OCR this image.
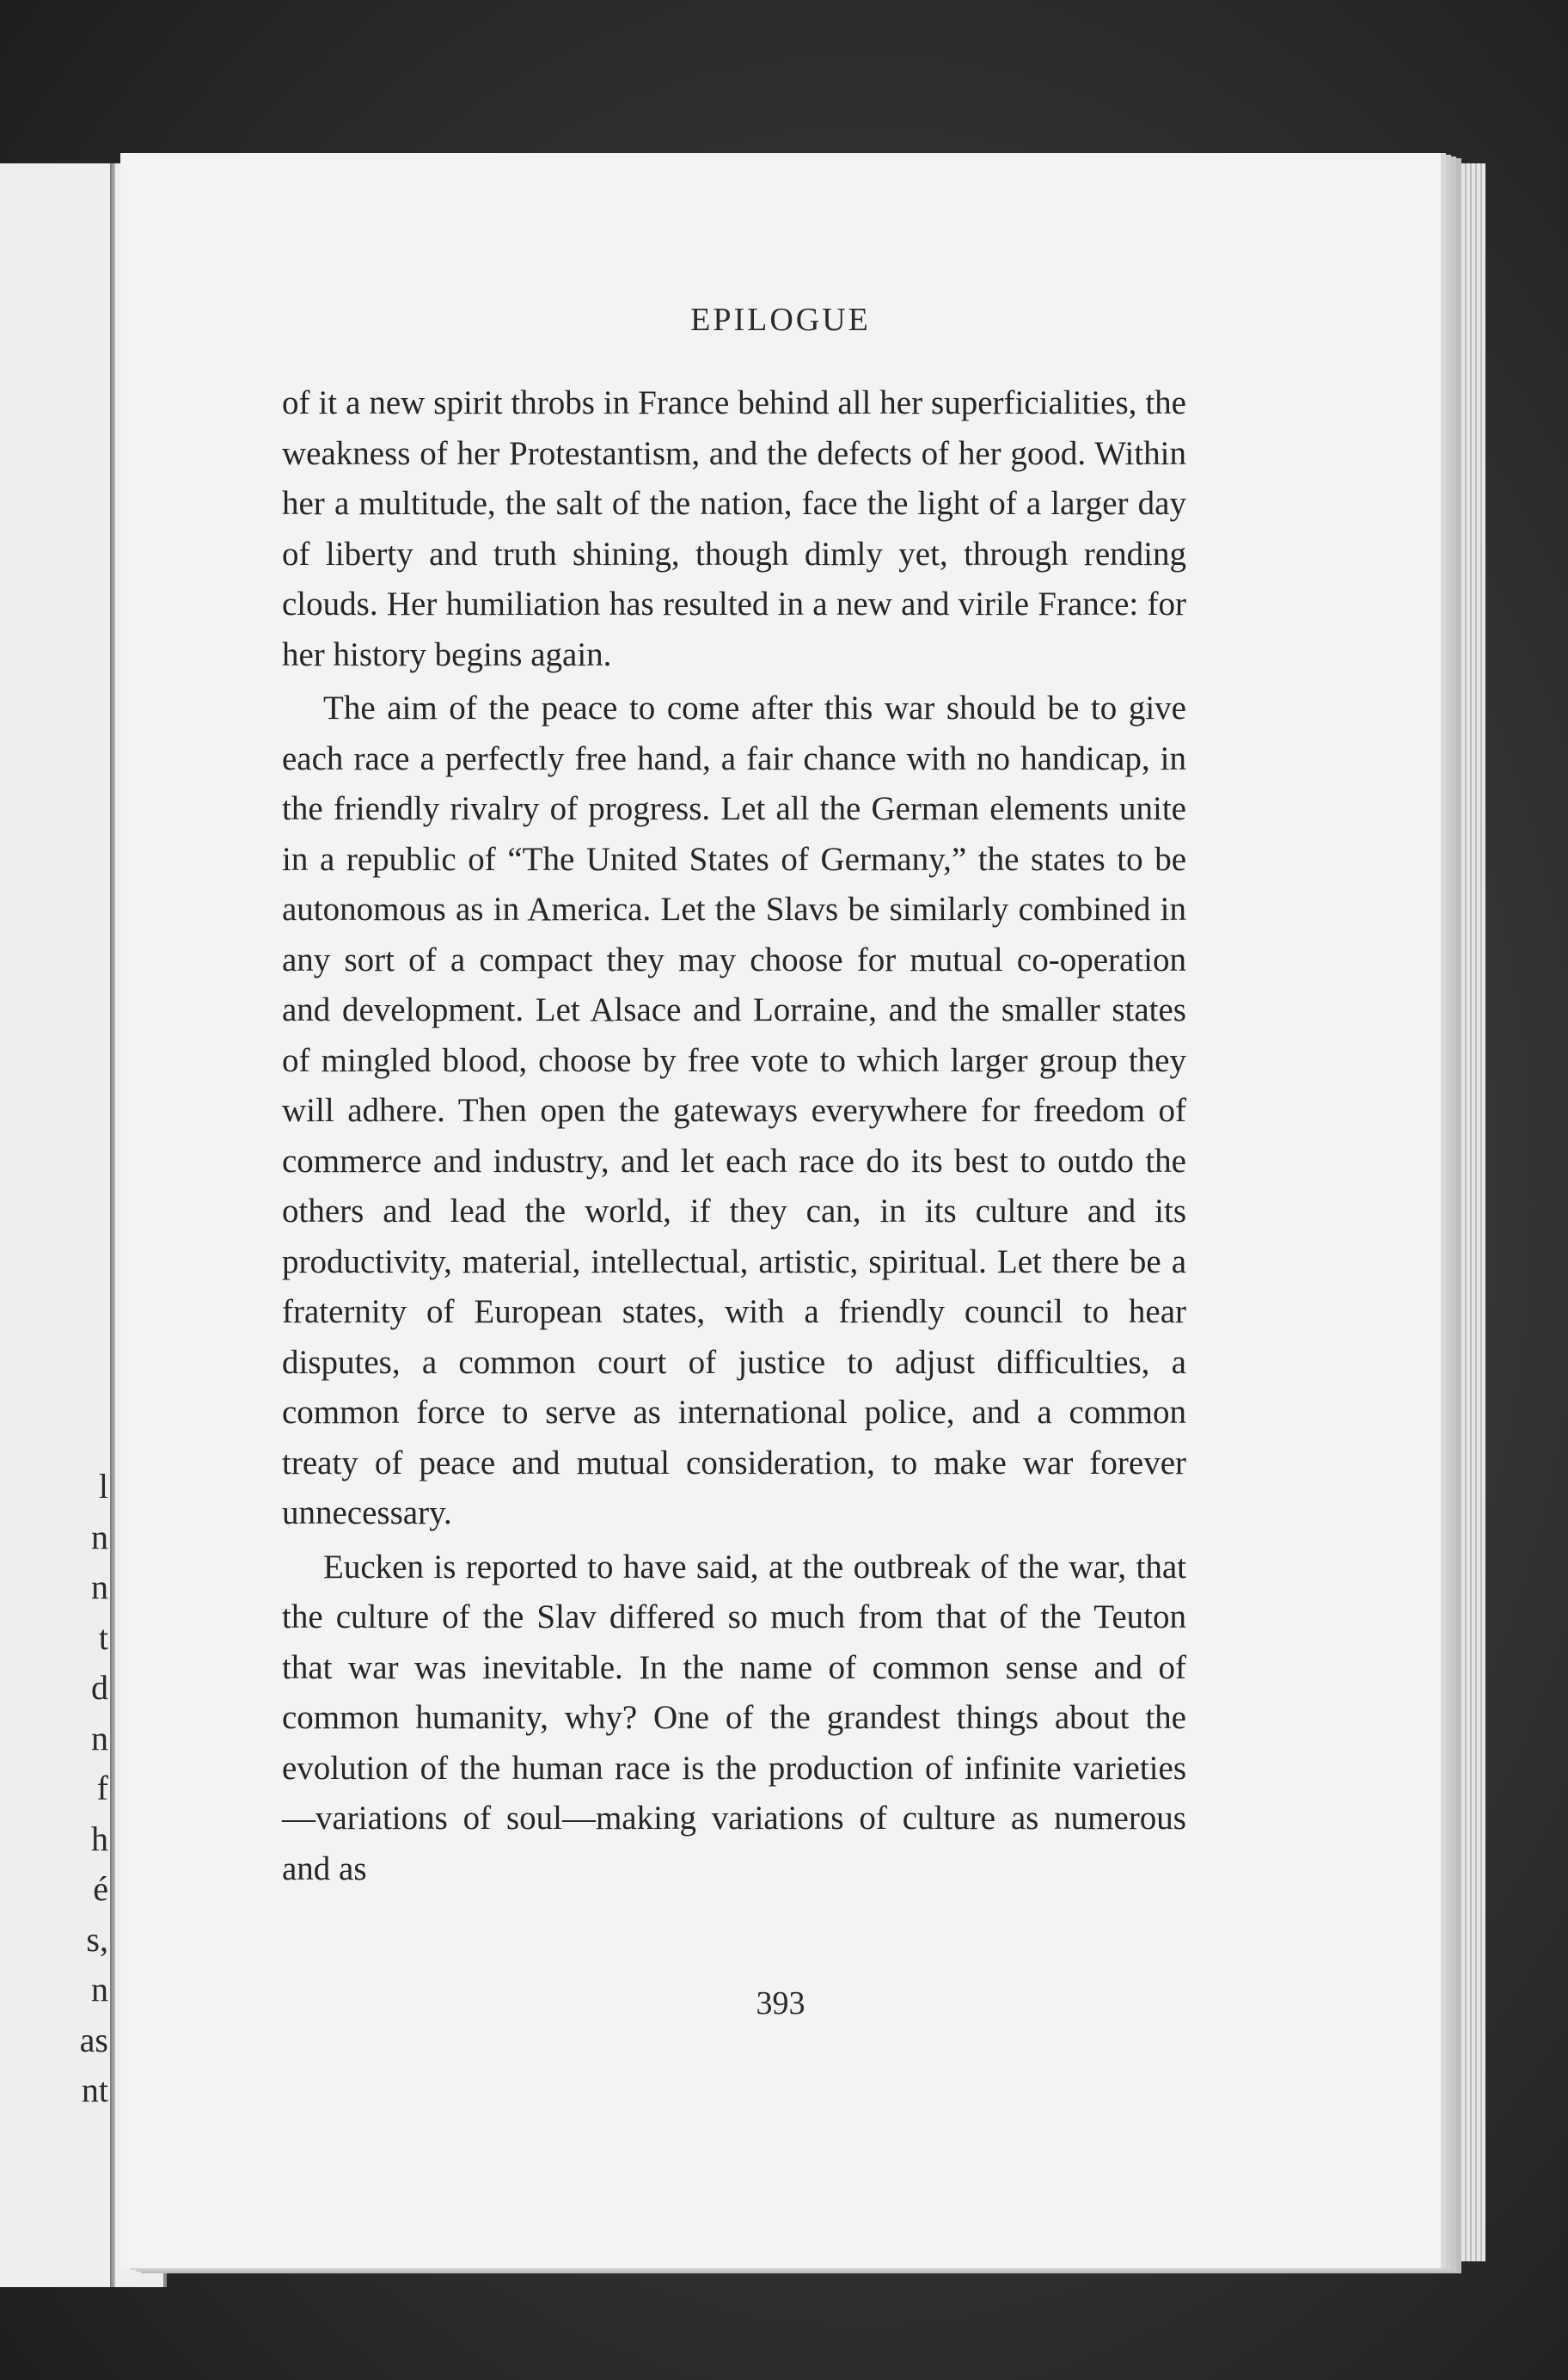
l
n
n
t
d
n
f
h
é
s,
n
as
nt
EPILOGUE

of it a new spirit throbs in France behind all her superficialities, the weakness of her Protestantism, and the defects of her good. Within her a multitude, the salt of the nation, face the light of a larger day of liberty and truth shining, though dimly yet, through rending clouds. Her humiliation has resulted in a new and virile France: for her history begins again.

The aim of the peace to come after this war should be to give each race a perfectly free hand, a fair chance with no handicap, in the friendly rivalry of progress. Let all the German elements unite in a republic of “The United States of Germany,” the states to be autonomous as in America. Let the Slavs be similarly combined in any sort of a compact they may choose for mutual co-operation and development. Let Alsace and Lorraine, and the smaller states of mingled blood, choose by free vote to which larger group they will adhere. Then open the gateways everywhere for freedom of commerce and industry, and let each race do its best to outdo the others and lead the world, if they can, in its culture and its productivity, material, intellectual, artistic, spiritual. Let there be a fraternity of European states, with a friendly council to hear disputes, a common court of justice to adjust difficulties, a common force to serve as international police, and a common treaty of peace and mutual consideration, to make war forever unnecessary.

Eucken is reported to have said, at the outbreak of the war, that the culture of the Slav differed so much from that of the Teuton that war was inevitable. In the name of common sense and of common humanity, why? One of the grandest things about the evolution of the human race is the production of infinite varieties—variations of soul—making variations of culture as numerous and as

393
